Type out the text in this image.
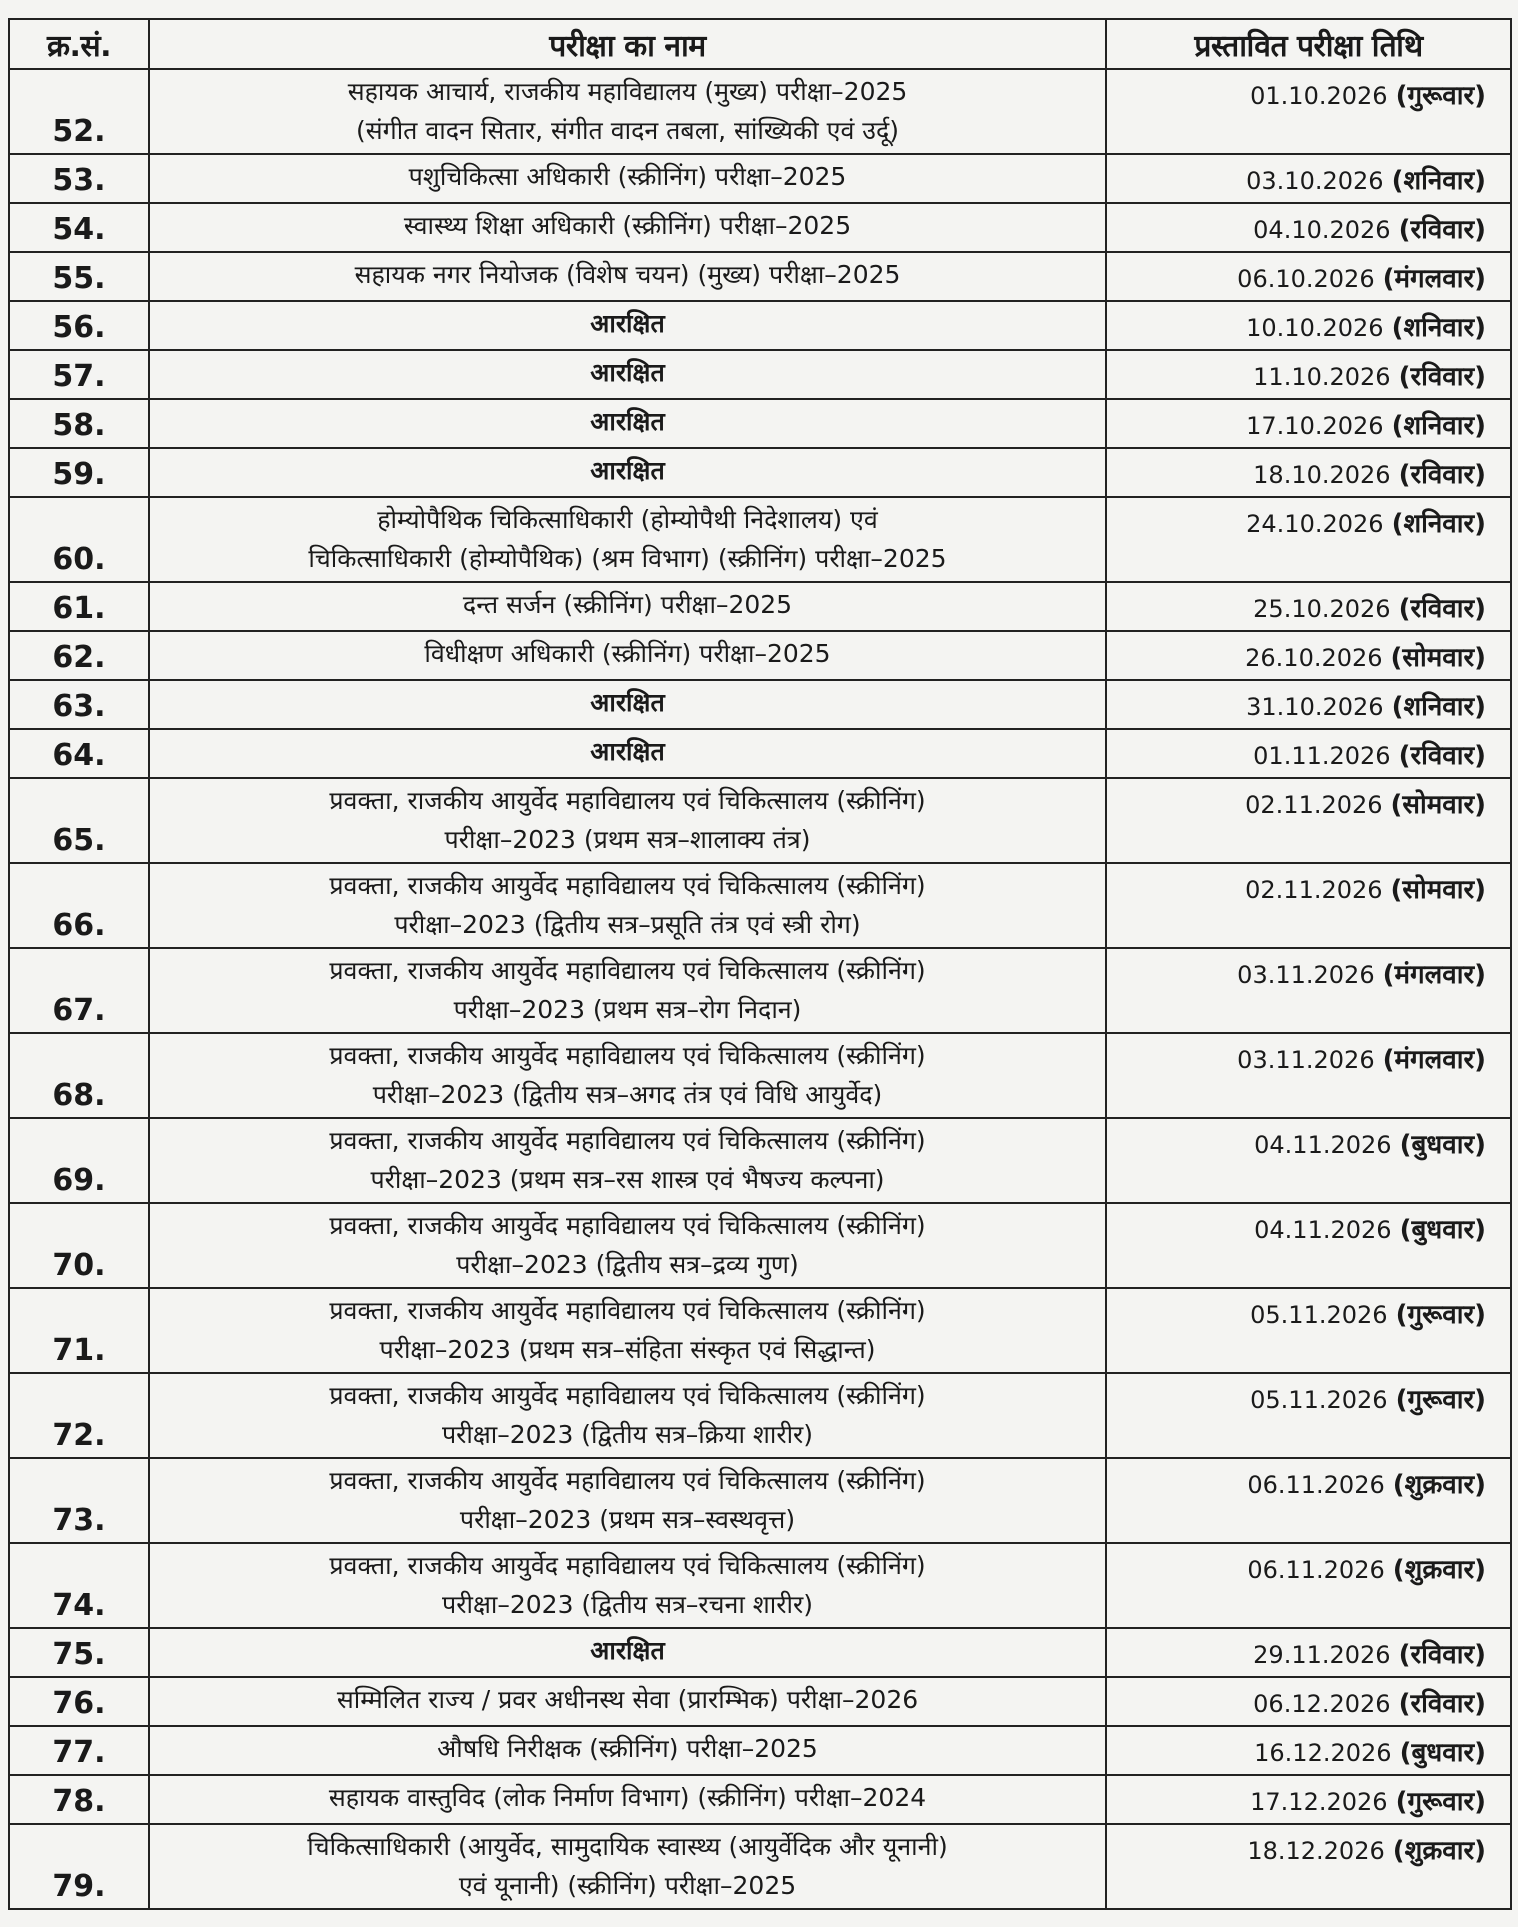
क्र.सं.	परीक्षा का नाम	प्रस्तावित परीक्षा तिथि
52.	सहायक आचार्य, राजकीय महाविद्यालय (मुख्य) परीक्षा–2025
(संगीत वादन सितार, संगीत वादन तबला, सांख्यिकी एवं उर्दू)	01.10.2026 (गुरूवार)
53.	पशुचिकित्सा अधिकारी (स्क्रीनिंग) परीक्षा–2025	03.10.2026 (शनिवार)
54.	स्वास्थ्य शिक्षा अधिकारी (स्क्रीनिंग) परीक्षा–2025	04.10.2026 (रविवार)
55.	सहायक नगर नियोजक (विशेष चयन) (मुख्य) परीक्षा–2025	06.10.2026 (मंगलवार)
56.	आरक्षित	10.10.2026 (शनिवार)
57.	आरक्षित	11.10.2026 (रविवार)
58.	आरक्षित	17.10.2026 (शनिवार)
59.	आरक्षित	18.10.2026 (रविवार)
60.	होम्योपैथिक चिकित्साधिकारी (होम्योपैथी निदेशालय) एवं
चिकित्साधिकारी (होम्योपैथिक) (श्रम विभाग) (स्क्रीनिंग) परीक्षा–2025	24.10.2026 (शनिवार)
61.	दन्त सर्जन (स्क्रीनिंग) परीक्षा–2025	25.10.2026 (रविवार)
62.	विधीक्षण अधिकारी (स्क्रीनिंग) परीक्षा–2025	26.10.2026 (सोमवार)
63.	आरक्षित	31.10.2026 (शनिवार)
64.	आरक्षित	01.11.2026 (रविवार)
65.	प्रवक्ता, राजकीय आयुर्वेद महाविद्यालय एवं चिकित्सालय (स्क्रीनिंग)
परीक्षा–2023 (प्रथम सत्र–शालाक्य तंत्र)	02.11.2026 (सोमवार)
66.	प्रवक्ता, राजकीय आयुर्वेद महाविद्यालय एवं चिकित्सालय (स्क्रीनिंग)
परीक्षा–2023 (द्वितीय सत्र–प्रसूति तंत्र एवं स्त्री रोग)	02.11.2026 (सोमवार)
67.	प्रवक्ता, राजकीय आयुर्वेद महाविद्यालय एवं चिकित्सालय (स्क्रीनिंग)
परीक्षा–2023 (प्रथम सत्र–रोग निदान)	03.11.2026 (मंगलवार)
68.	प्रवक्ता, राजकीय आयुर्वेद महाविद्यालय एवं चिकित्सालय (स्क्रीनिंग)
परीक्षा–2023 (द्वितीय सत्र–अगद तंत्र एवं विधि आयुर्वेद)	03.11.2026 (मंगलवार)
69.	प्रवक्ता, राजकीय आयुर्वेद महाविद्यालय एवं चिकित्सालय (स्क्रीनिंग)
परीक्षा–2023 (प्रथम सत्र–रस शास्त्र एवं भैषज्य कल्पना)	04.11.2026 (बुधवार)
70.	प्रवक्ता, राजकीय आयुर्वेद महाविद्यालय एवं चिकित्सालय (स्क्रीनिंग)
परीक्षा–2023 (द्वितीय सत्र–द्रव्य गुण)	04.11.2026 (बुधवार)
71.	प्रवक्ता, राजकीय आयुर्वेद महाविद्यालय एवं चिकित्सालय (स्क्रीनिंग)
परीक्षा–2023 (प्रथम सत्र–संहिता संस्कृत एवं सिद्धान्त)	05.11.2026 (गुरूवार)
72.	प्रवक्ता, राजकीय आयुर्वेद महाविद्यालय एवं चिकित्सालय (स्क्रीनिंग)
परीक्षा–2023 (द्वितीय सत्र–क्रिया शारीर)	05.11.2026 (गुरूवार)
73.	प्रवक्ता, राजकीय आयुर्वेद महाविद्यालय एवं चिकित्सालय (स्क्रीनिंग)
परीक्षा–2023 (प्रथम सत्र–स्वस्थवृत्त)	06.11.2026 (शुक्रवार)
74.	प्रवक्ता, राजकीय आयुर्वेद महाविद्यालय एवं चिकित्सालय (स्क्रीनिंग)
परीक्षा–2023 (द्वितीय सत्र–रचना शारीर)	06.11.2026 (शुक्रवार)
75.	आरक्षित	29.11.2026 (रविवार)
76.	सम्मिलित राज्य / प्रवर अधीनस्थ सेवा (प्रारम्भिक) परीक्षा–2026	06.12.2026 (रविवार)
77.	औषधि निरीक्षक (स्क्रीनिंग) परीक्षा–2025	16.12.2026 (बुधवार)
78.	सहायक वास्तुविद (लोक निर्माण विभाग) (स्क्रीनिंग) परीक्षा–2024	17.12.2026 (गुरूवार)
79.	चिकित्साधिकारी (आयुर्वेद, सामुदायिक स्वास्थ्य (आयुर्वेदिक और यूनानी)
एवं यूनानी) (स्क्रीनिंग) परीक्षा–2025	18.12.2026 (शुक्रवार)
